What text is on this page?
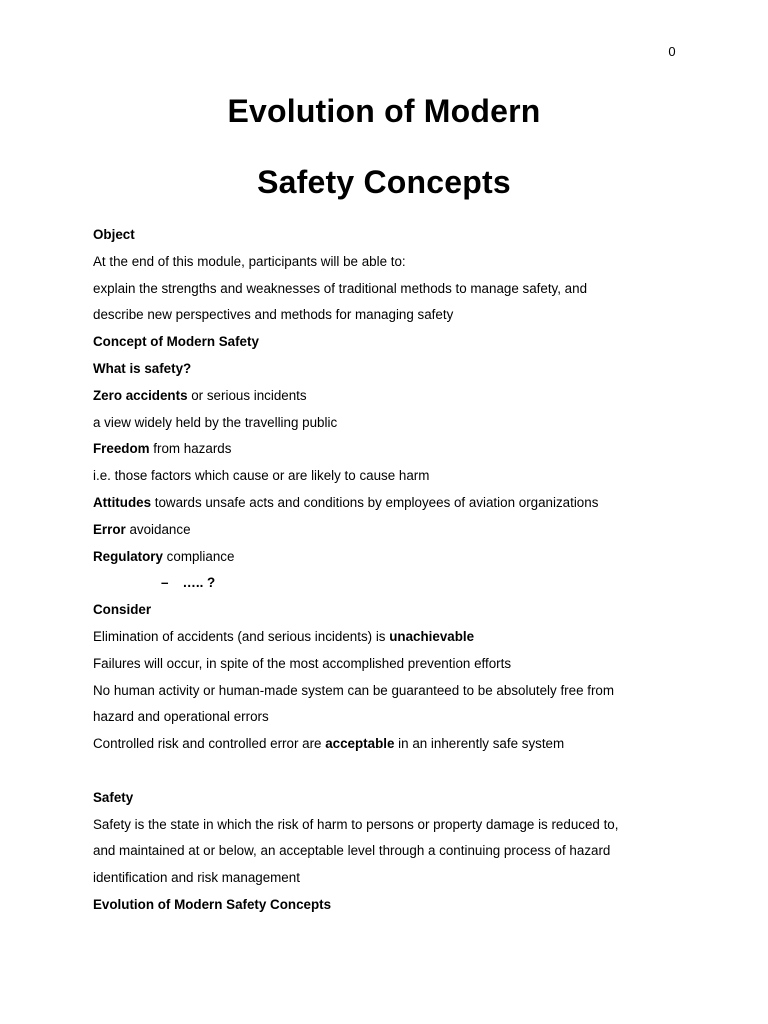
0
Evolution of Modern
Safety Concepts
Object
At the end of this module, participants will be able to:
explain the strengths and weaknesses of traditional methods to manage safety, and
describe new perspectives and methods for managing safety
Concept of Modern Safety
What is safety?
Zero accidents or serious incidents
a view widely held by the travelling public
Freedom from hazards
i.e. those factors which cause or are likely to cause harm
Attitudes towards unsafe acts and conditions by employees of aviation organizations
Error avoidance
Regulatory compliance
– ….. ?
Consider
Elimination of accidents (and serious incidents) is unachievable
Failures will occur, in spite of the most accomplished prevention efforts
No human activity or human-made system can be guaranteed to be absolutely free from
hazard and operational errors
Controlled risk and controlled error are acceptable in an inherently safe system
Safety
Safety is the state in which the risk of harm to persons or property damage is reduced to,
and maintained at or below, an acceptable level through a continuing process of hazard
identification and risk management
Evolution of Modern Safety Concepts
